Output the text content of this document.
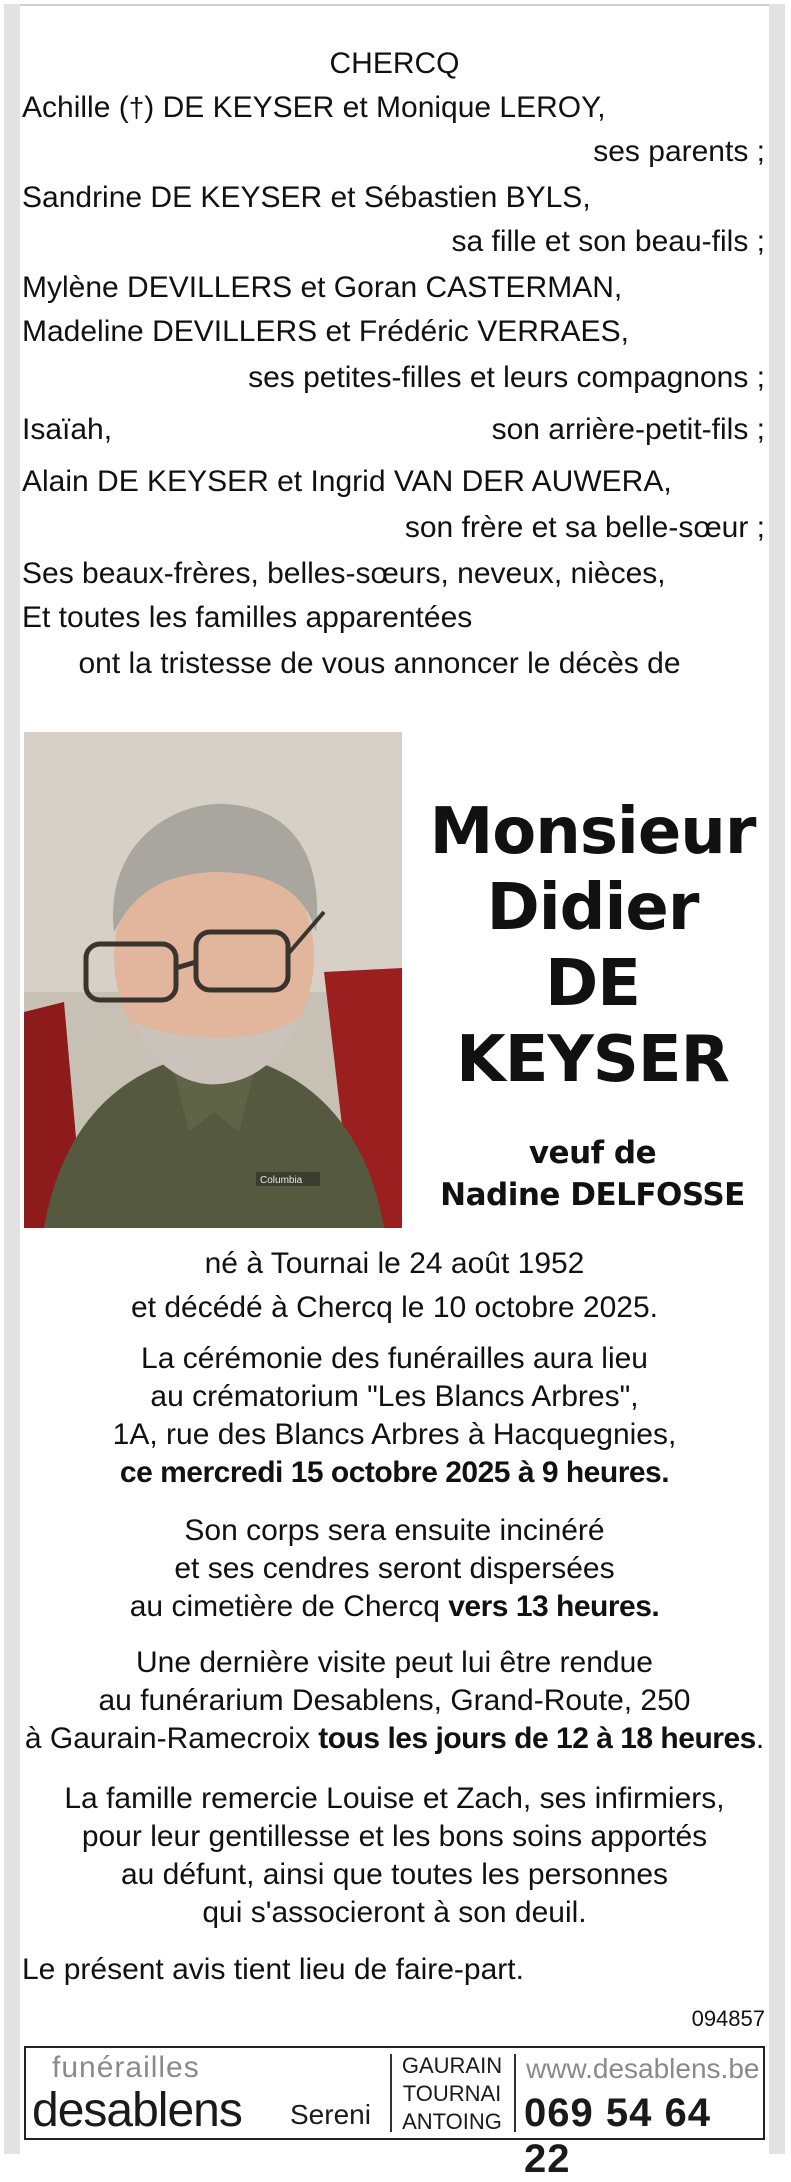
CHERCQ
Achille (†) DE KEYSER et Monique LEROY,
ses parents ;
Sandrine DE KEYSER et Sébastien BYLS,
sa fille et son beau-fils ;
Mylène DEVILLERS et Goran CASTERMAN,
Madeline DEVILLERS et Frédéric VERRAES,
ses petites-filles et leurs compagnons ;
Isaïah,	son arrière-petit-fils ;
Alain DE KEYSER et Ingrid VAN DER AUWERA,
son frère et sa belle-sœur ;
Ses beaux-frères, belles-sœurs, neveux, nièces,
Et toutes les familles apparentées
ont la tristesse de vous annoncer le décès de
Columbia
Monsieur
Didier
DE KEYSER
veuf de
Nadine DELFOSSE
né à Tournai le 24 août 1952
et décédé à Chercq le 10 octobre 2025.
La cérémonie des funérailles aura lieu
au crématorium "Les Blancs Arbres",
1A, rue des Blancs Arbres à Hacquegnies,
ce mercredi 15 octobre 2025 à 9 heures.
Son corps sera ensuite incinéré
et ses cendres seront dispersées
au cimetière de Chercq vers 13 heures.
Une dernière visite peut lui être rendue
au funérarium Desablens, Grand-Route, 250
à Gaurain-Ramecroix tous les jours de 12 à 18 heures.
La famille remercie Louise et Zach, ses infirmiers,
pour leur gentillesse et les bons soins apportés
au défunt, ainsi que toutes les personnes
qui s'associeront à son deuil.
Le présent avis tient lieu de faire-part.
094857
funérailles
desablens Sereni
GAURAIN
TOURNAI
ANTOING
www.desablens.be
069 54 64 22
